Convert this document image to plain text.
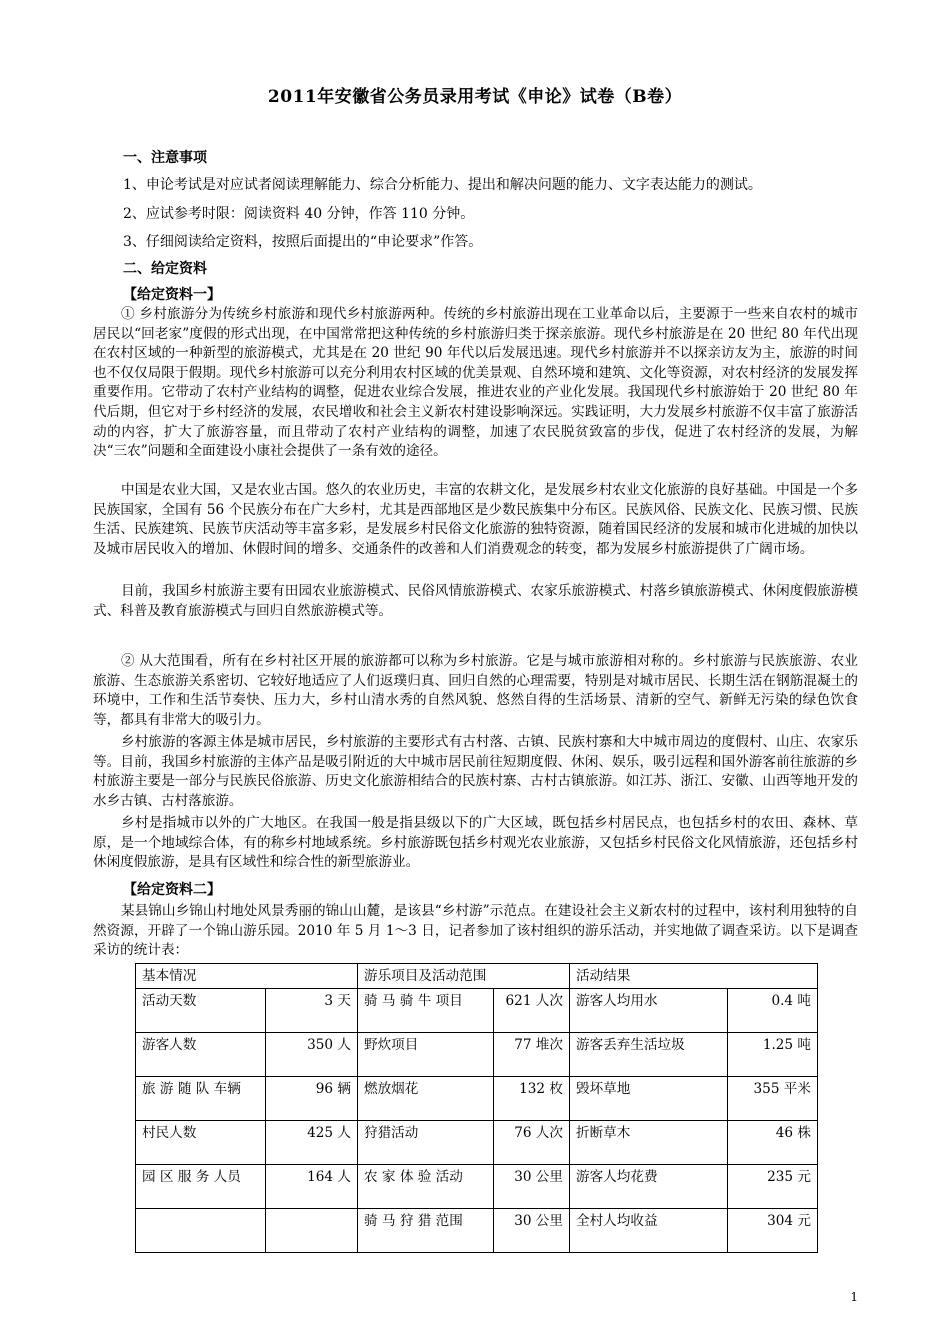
2011年安徽省公务员录用考试《申论》试卷（B卷）
一、注意事项
1、申论考试是对应试者阅读理解能力、综合分析能力、提出和解决问题的能力、文字表达能力的测试。
2、应试参考时限：阅读资料 40 分钟，作答 110 分钟。
3、仔细阅读给定资料，按照后面提出的“申论要求”作答。
二、给定资料
【给定资料一】

① 乡村旅游分为传统乡村旅游和现代乡村旅游两种。传统的乡村旅游出现在工业革命以后，主要源于一些来自农村的城市居民以“回老家”度假的形式出现，在中国常常把这种传统的乡村旅游归类于探亲旅游。现代乡村旅游是在 20 世纪 80 年代出现在农村区域的一种新型的旅游模式，尤其是在 20 世纪 90 年代以后发展迅速。现代乡村旅游并不以探亲访友为主，旅游的时间也不仅仅局限于假期。现代乡村旅游可以充分利用农村区域的优美景观、自然环境和建筑、文化等资源，对农村经济的发展发挥重要作用。它带动了农村产业结构的调整，促进农业综合发展，推进农业的产业化发展。我国现代乡村旅游始于 20 世纪 80 年代后期，但它对于乡村经济的发展，农民增收和社会主义新农村建设影响深远。实践证明，大力发展乡村旅游不仅丰富了旅游活动的内容，扩大了旅游容量，而且带动了农村产业结构的调整，加速了农民脱贫致富的步伐，促进了农村经济的发展，为解决“三农”问题和全面建设小康社会提供了一条有效的途径。

中国是农业大国，又是农业古国。悠久的农业历史，丰富的农耕文化，是发展乡村农业文化旅游的良好基础。中国是一个多民族国家，全国有 56 个民族分布在广大乡村，尤其是西部地区是少数民族集中分布区。民族风俗、民族文化、民族习惯、民族生活、民族建筑、民族节庆活动等丰富多彩，是发展乡村民俗文化旅游的独特资源，随着国民经济的发展和城市化进城的加快以及城市居民收入的增加、休假时间的增多、交通条件的改善和人们消费观念的转变，都为发展乡村旅游提供了广阔市场。

目前，我国乡村旅游主要有田园农业旅游模式、民俗风情旅游模式、农家乐旅游模式、村落乡镇旅游模式、休闲度假旅游模式、科普及教育旅游模式与回归自然旅游模式等。

② 从大范围看，所有在乡村社区开展的旅游都可以称为乡村旅游。它是与城市旅游相对称的。乡村旅游与民族旅游、农业旅游、生态旅游关系密切、它较好地适应了人们返璞归真、回归自然的心理需要，特别是对城市居民、长期生活在钢筋混凝土的环境中，工作和生活节奏快、压力大，乡村山清水秀的自然风貌、悠然自得的生活场景、清新的空气、新鲜无污染的绿色饮食等，都具有非常大的吸引力。

乡村旅游的客源主体是城市居民，乡村旅游的主要形式有古村落、古镇、民族村寨和大中城市周边的度假村、山庄、农家乐等。目前，我国乡村旅游的主体产品是吸引附近的大中城市居民前往短期度假、休闲、娱乐，吸引远程和国外游客前往旅游的乡村旅游主要是一部分与民族民俗旅游、历史文化旅游相结合的民族村寨、古村古镇旅游。如江苏、浙江、安徽、山西等地开发的水乡古镇、古村落旅游。

乡村是指城市以外的广大地区。在我国一般是指县级以下的广大区域，既包括乡村居民点，也包括乡村的农田、森林、草原，是一个地域综合体，有的称乡村地域系统。乡村旅游既包括乡村观光农业旅游，又包括乡村民俗文化风情旅游，还包括乡村休闲度假旅游，是具有区域性和综合性的新型旅游业。

【给定资料二】

某县锦山乡锦山村地处风景秀丽的锦山山麓，是该县“乡村游”示范点。在建设社会主义新农村的过程中，该村利用独特的自然资源，开辟了一个锦山游乐园。2010 年 5 月 1～3 日，记者参加了该村组织的游乐活动，并实地做了调查采访。以下是调查采访的统计表：

基本情况		游乐项目及活动范围		活动结果	
活动天数	3 天	骑 马 骑 牛 项目	621 人次	游客人均用水	0.4 吨
游客人数	350 人	野炊项目	77 堆次	游客丢弃生活垃圾	1.25 吨
旅 游 随 队 车辆	96 辆	燃放烟花	132 枚	毁坏草地	355 平米
村民人数	425 人	狩猎活动	76 人次	折断草木	46 株
园 区 服 务 人员	164 人	农 家 体 验 活动	30 公里	游客人均花费	235 元
		骑 马 狩 猎 范围	30 公里	全村人均收益	304 元
1
